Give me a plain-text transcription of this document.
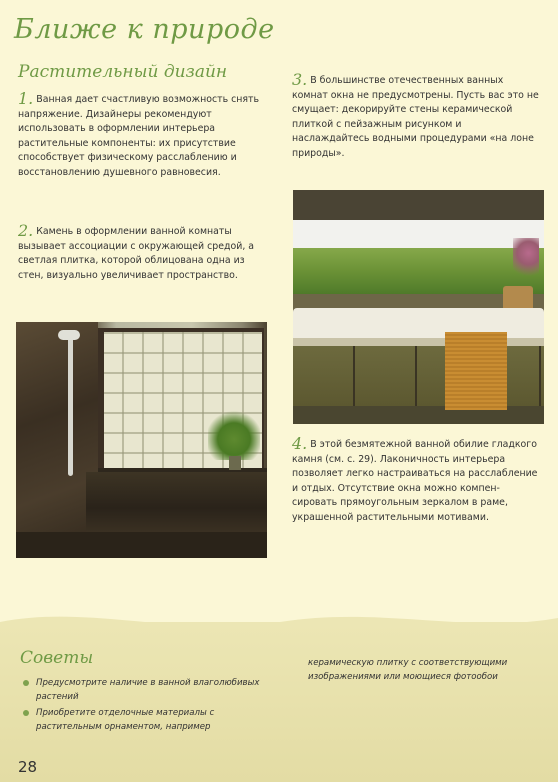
Ближе к природе
Растительный дизайн
1. Ванная дает счастливую возможность снять напряжение. Дизайнеры рекомендуют использовать в оформлении интерьера растительные компоненты: их присутствие способствует физическому расслаблению и восстановлению душевного равновесия.
2. Камень в оформлении ванной комнаты вызывает ассоциации с окружающей средой, а светлая плитка, которой облицована одна из стен, визуально увеличивает пространство.
3. В большинстве отечественных ванных комнат окна не предусмотрены. Пусть вас это не смущает: декорируйте стены керамической плиткой с пейзажным рисунком и наслаждайтесь водными процедурами «на лоне природы».
4. В этой безмятежной ванной обилие гладкого камня (см. с. 29). Лаконичность интерьера позволяет легко настраиваться на расслабление и отдых. Отсутствие окна можно компенсировать прямоугольным зеркалом в раме, украшенной растительными мотивами.
Советы
Предусмотрите наличие в ванной влаголюбивых растений
Приобретите отделочные материалы с растительным орнаментом, например
керамическую плитку с соответствующими изображениями или моющиеся фотообои
28
